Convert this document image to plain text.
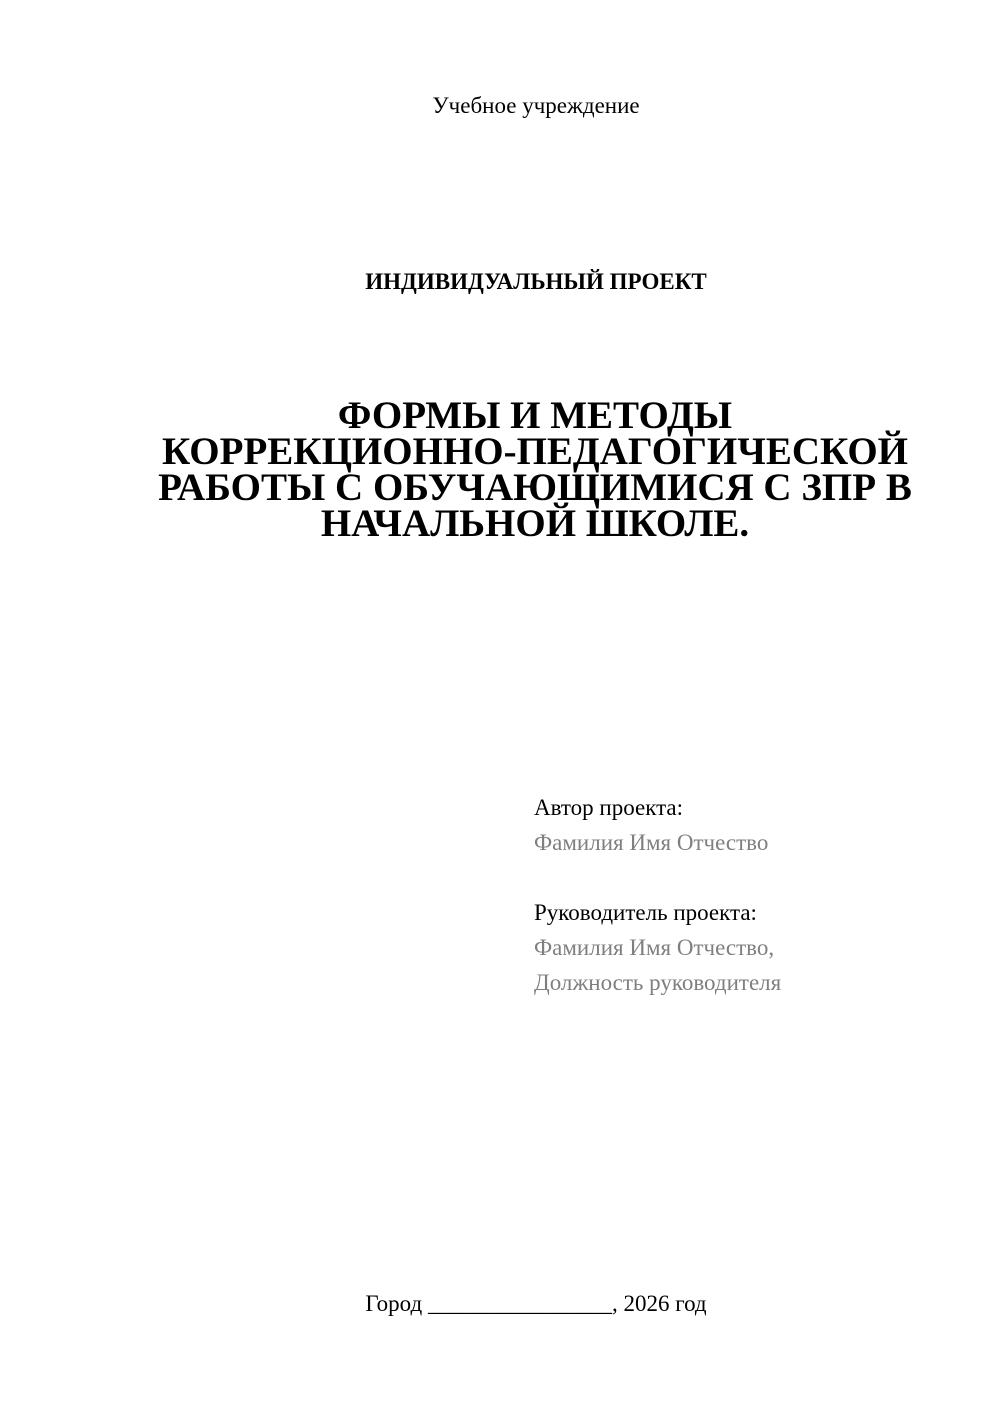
Учебное учреждение
ИНДИВИДУАЛЬНЫЙ ПРОЕКТ
ФОРМЫ И МЕТОДЫ
КОРРЕКЦИОННО-ПЕДАГОГИЧЕСКОЙ
РАБОТЫ С ОБУЧАЮЩИМИСЯ С ЗПР В
НАЧАЛЬНОЙ ШКОЛЕ.
Автор проекта:
Фамилия Имя Отчество
Руководитель проекта:
Фамилия Имя Отчество,
Должность руководителя
Город ________________, 2026 год
